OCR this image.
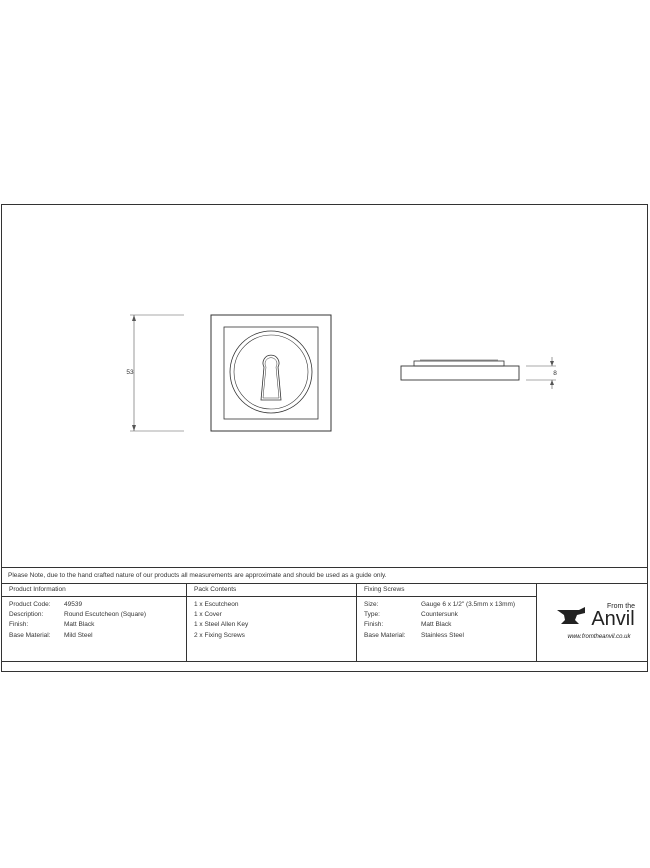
53	8
Please Note, due to the hand crafted nature of our products all measurements are approximate and should be used as a guide only.
Product Information
Product Code: 49539
Description:	Round Escutcheon (Square)
Finish:	Matt Black
Base Material: Mild Steel
Pack Contents
1 x Escutcheon
1 x Cover
1 x Steel Allen Key
2 x Fixing Screws
Fixing Screws
Size:	Gauge 6 x 1/2" (3.5mm x 13mm)
Type:	Countersunk
Finish:	Matt Black
Base Material: Stainless Steel
From the
Anvil
www.fromtheanvil.co.uk
